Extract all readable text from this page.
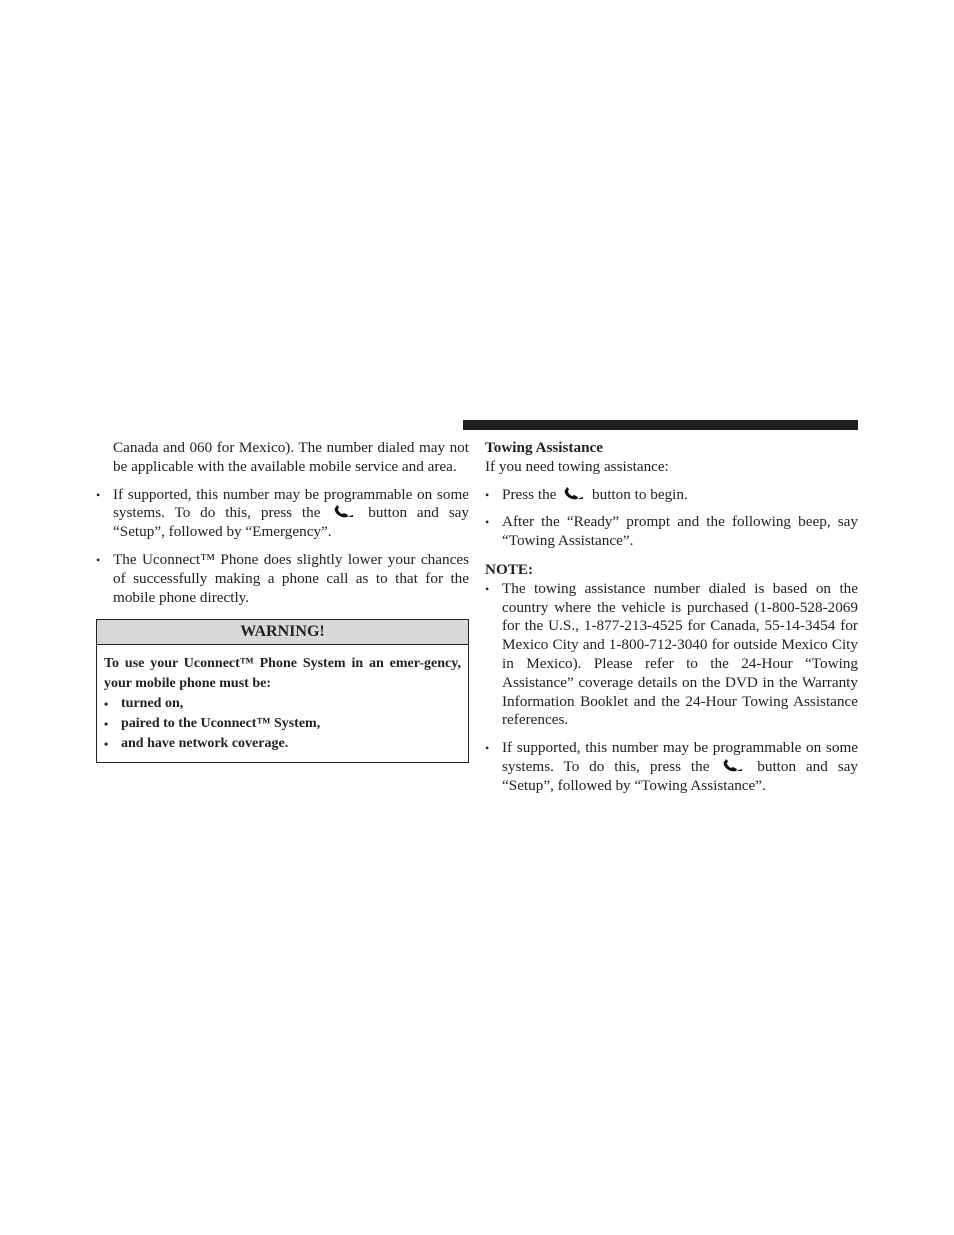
Canada and 060 for Mexico). The number dialed may not be applicable with the available mobile service and area.
• If supported, this number may be programmable on some systems. To do this, press the	button and say “Setup”, followed by “Emergency”.
• The Uconnect™ Phone does slightly lower your chances of successfully making a phone call as to that for the mobile phone directly.
WARNING!
To use your Uconnect™ Phone System in an emer-gency, your mobile phone must be:
• turned on,
• paired to the Uconnect™ System,
• and have network coverage.
Towing Assistance
If you need towing assistance:
• Press the button to begin.
• After the “Ready” prompt and the following beep, say “Towing Assistance”.
NOTE:
• The towing assistance number dialed is based on the country where the vehicle is purchased (1-800-528-2069 for the U.S., 1-877-213-4525 for Canada, 55-14-3454 for Mexico City and 1-800-712-3040 for outside Mexico City in Mexico). Please refer to the 24-Hour “Towing Assistance” coverage details on the DVD in the Warranty Information Booklet and the 24-Hour Towing Assistance references.
• If supported, this number may be programmable on some systems. To do this, press the	button and say “Setup”, followed by “Towing Assistance”.
